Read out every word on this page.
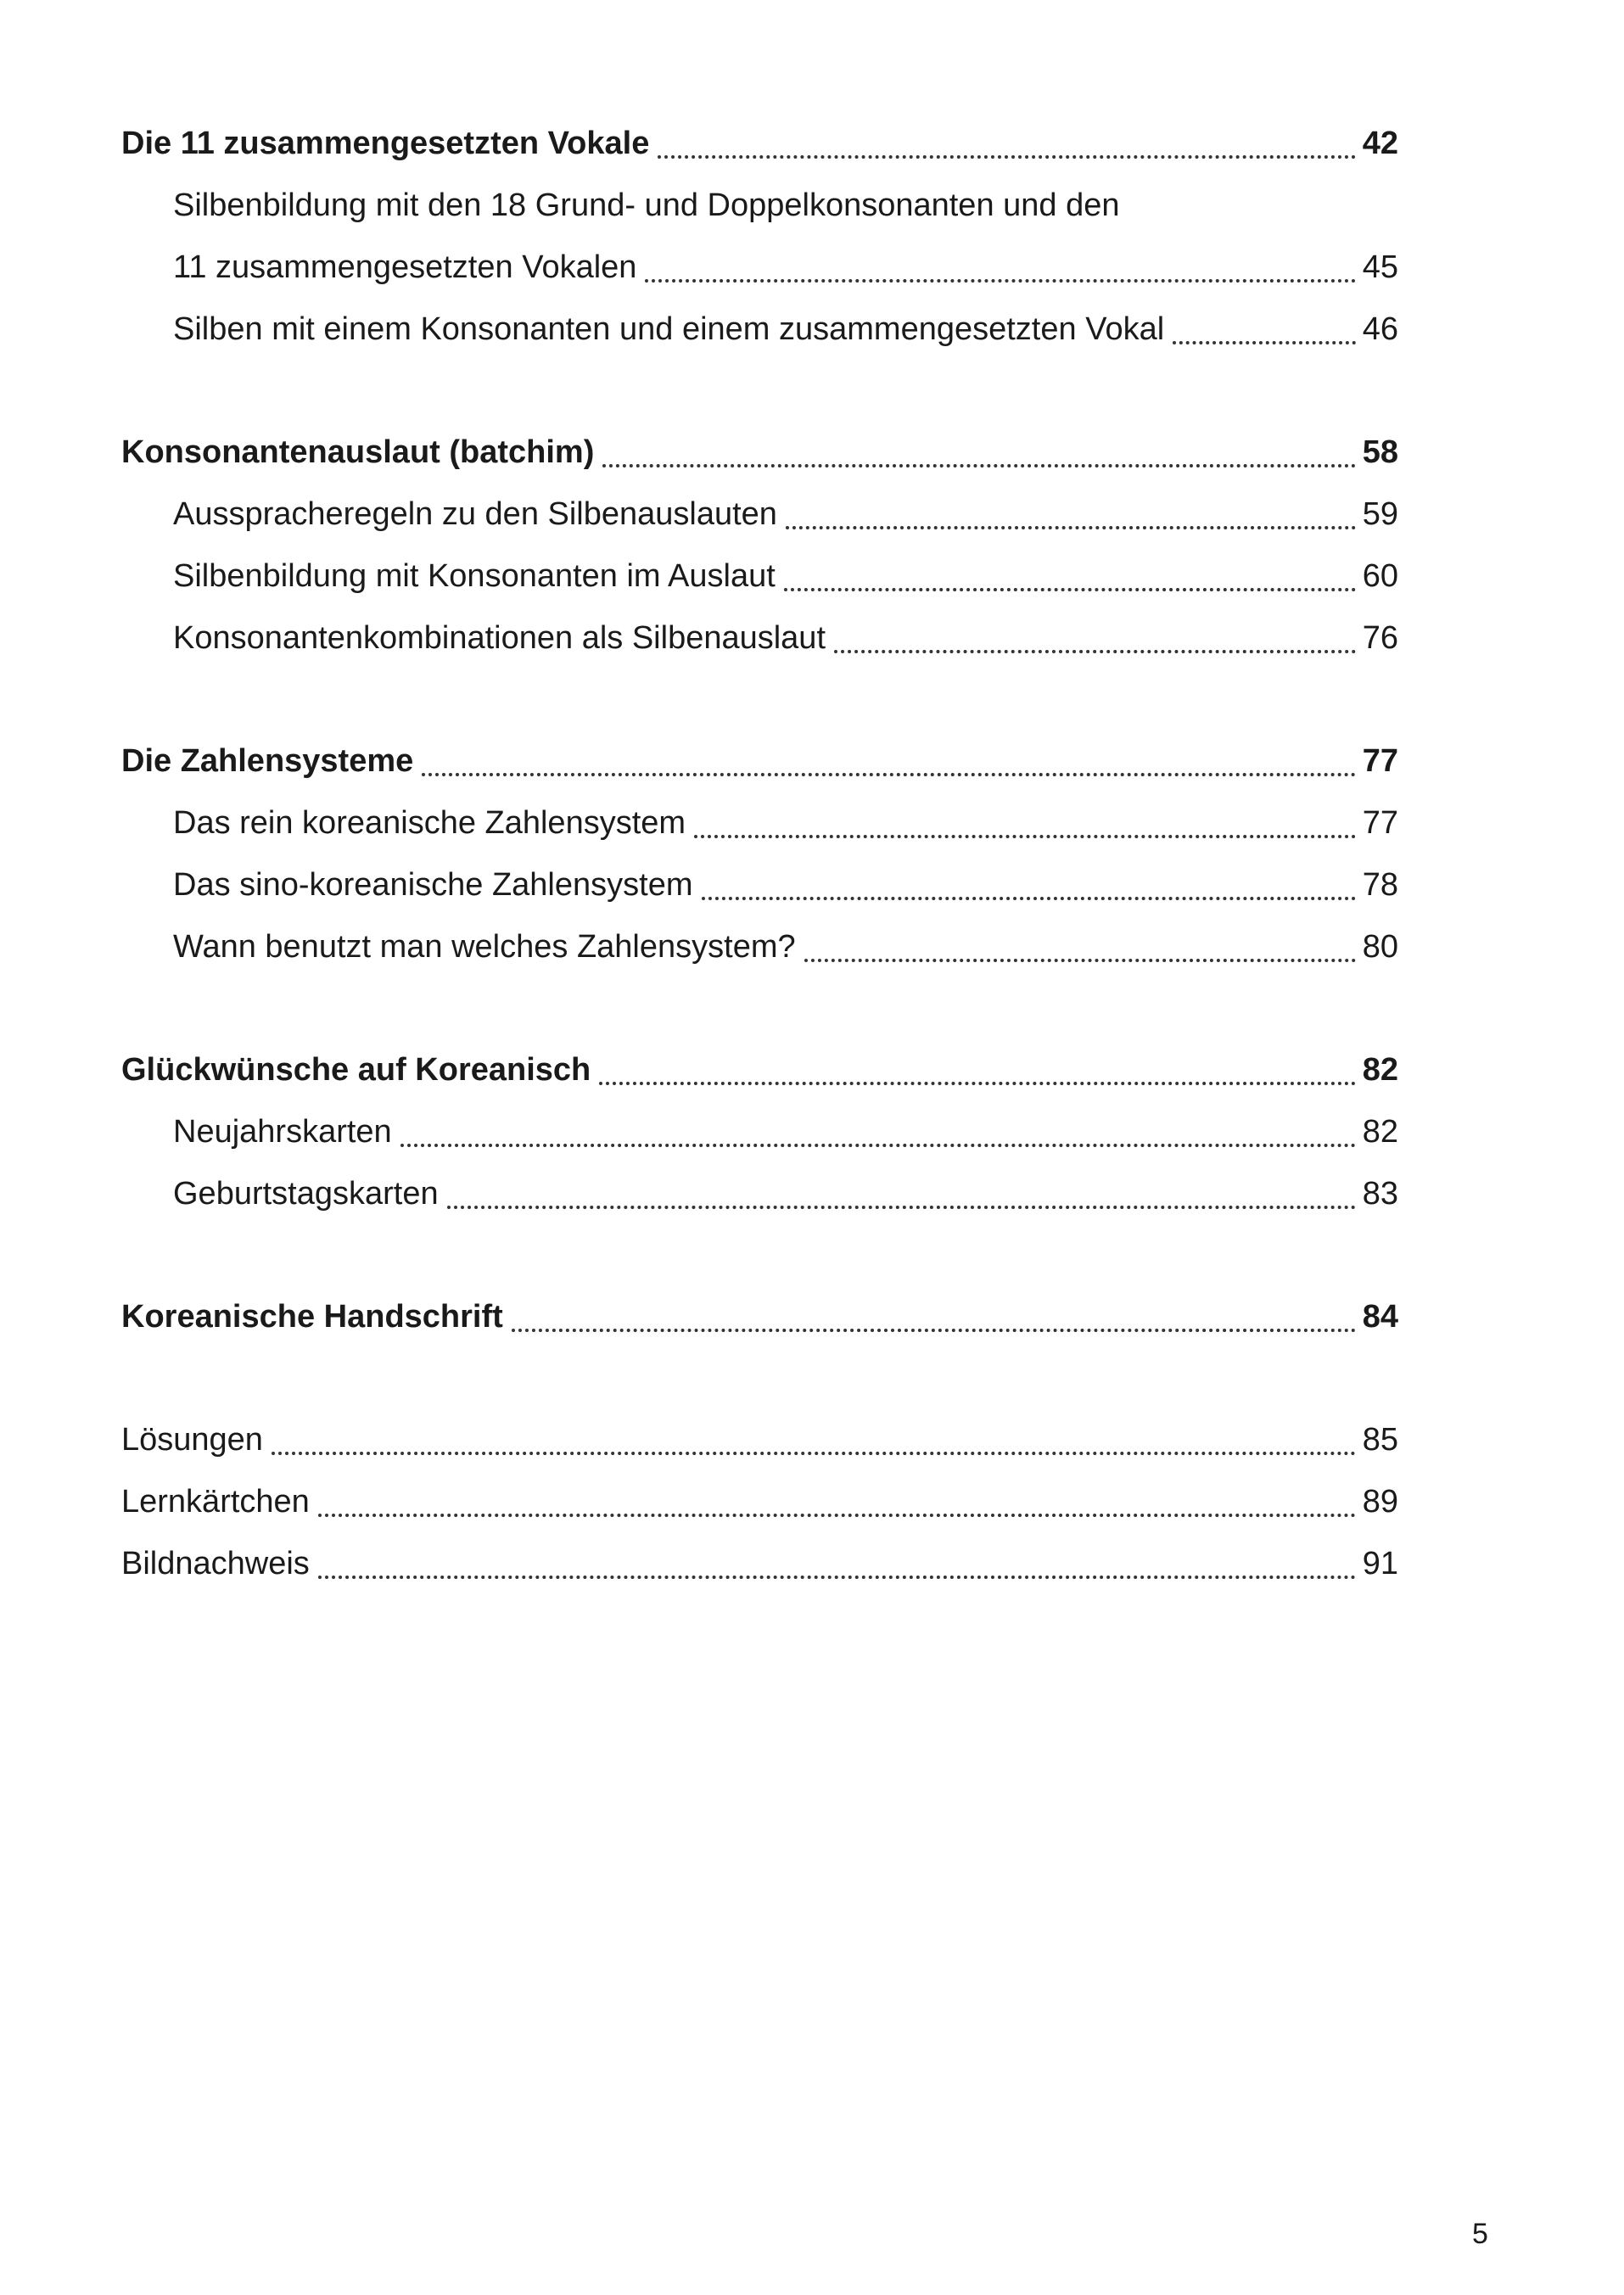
Die 11 zusammengesetzten Vokale	42
Silbenbildung mit den 18 Grund- und Doppelkonsonanten und den
11 zusammengesetzten Vokalen	45
Silben mit einem Konsonanten und einem zusammengesetzten Vokal	46
Konsonantenauslaut (batchim)	58
Ausspracheregeln zu den Silbenauslauten	59
Silbenbildung mit Konsonanten im Auslaut	60
Konsonantenkombinationen als Silbenauslaut	76
Die Zahlensysteme	77
Das rein koreanische Zahlensystem	77
Das sino-koreanische Zahlensystem	78
Wann benutzt man welches Zahlensystem?	80
Glückwünsche auf Koreanisch	82
Neujahrskarten	82
Geburtstagskarten	83
Koreanische Handschrift	84
Lösungen	85
Lernkärtchen	89
Bildnachweis	91
5
